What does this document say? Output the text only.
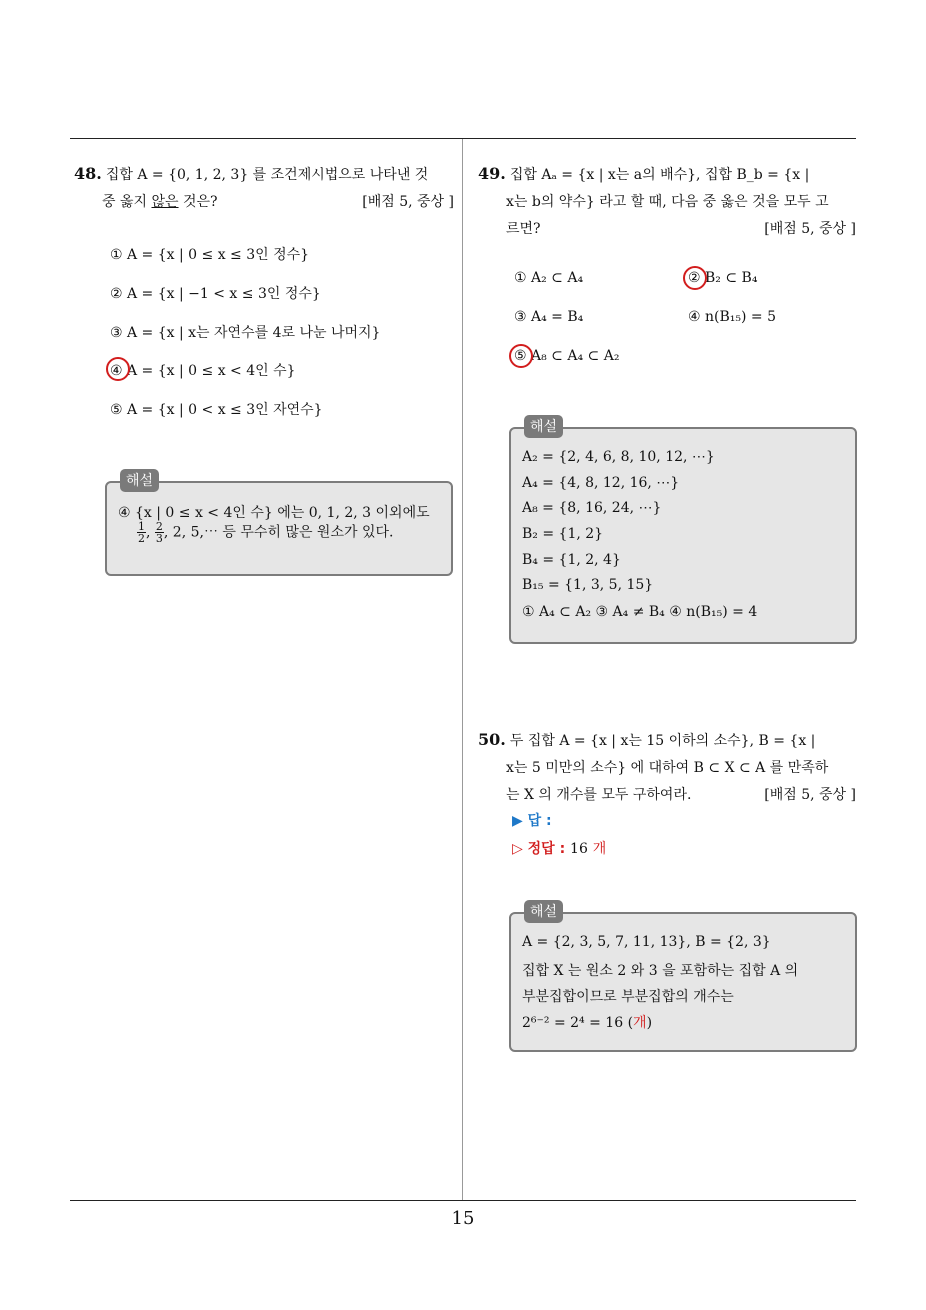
48. 집합 A = {0, 1, 2, 3} 를 조건제시법으로 나타낸 것
중 옳지 않은 것은?	[배점 5, 중상 ]
① A = {x | 0 ≤ x ≤ 3인 정수}
② A = {x | −1 < x ≤ 3인 정수}
③ A = {x | x는 자연수를 4로 나눈 나머지}
④ A = {x | 0 ≤ x < 4인 수}
⑤ A = {x | 0 < x ≤ 3인 자연수}
해설
④ {x | 0 ≤ x < 4인 수} 에는 0, 1, 2, 3 이외에도
$\frac{1}{2}$ , $\frac{2}{3}$ , 2, 5,⋯ 등 무수히 많은 원소가 있다.
49. 집합 Aₐ = {x | x는 a의 배수}, 집합 B_b = {x |
x는 b의 약수} 라고 할 때, 다음 중 옳은 것을 모두 고
르면?	[배점 5, 중상 ]
① A₂ ⊂ A₄	② B₂ ⊂ B₄
③ A₄ = B₄	④ n(B₁₅) = 5
⑤ A₈ ⊂ A₄ ⊂ A₂
해설
A₂ = {2, 4, 6, 8, 10, 12, ⋯}
A₄ = {4, 8, 12, 16, ⋯}
A₈ = {8, 16, 24, ⋯}
B₂ = {1, 2}
B₄ = {1, 2, 4}
B₁₅ = {1, 3, 5, 15}
① A₄ ⊂ A₂ ③ A₄ ≠ B₄ ④ n(B₁₅) = 4
50. 두 집합 A = {x | x는 15 이하의 소수}, B = {x |
x는 5 미만의 소수} 에 대하여 B ⊂ X ⊂ A 를 만족하
는 X 의 개수를 모두 구하여라.	[배점 5, 중상 ]
▶ 답 :
▷ 정답 : 16 개
해설
A = {2, 3, 5, 7, 11, 13}, B = {2, 3}
집합 X 는 원소 2 와 3 을 포함하는 집합 A 의
부분집합이므로 부분집합의 개수는
2⁶⁻² = 2⁴ = 16 (개)
15
